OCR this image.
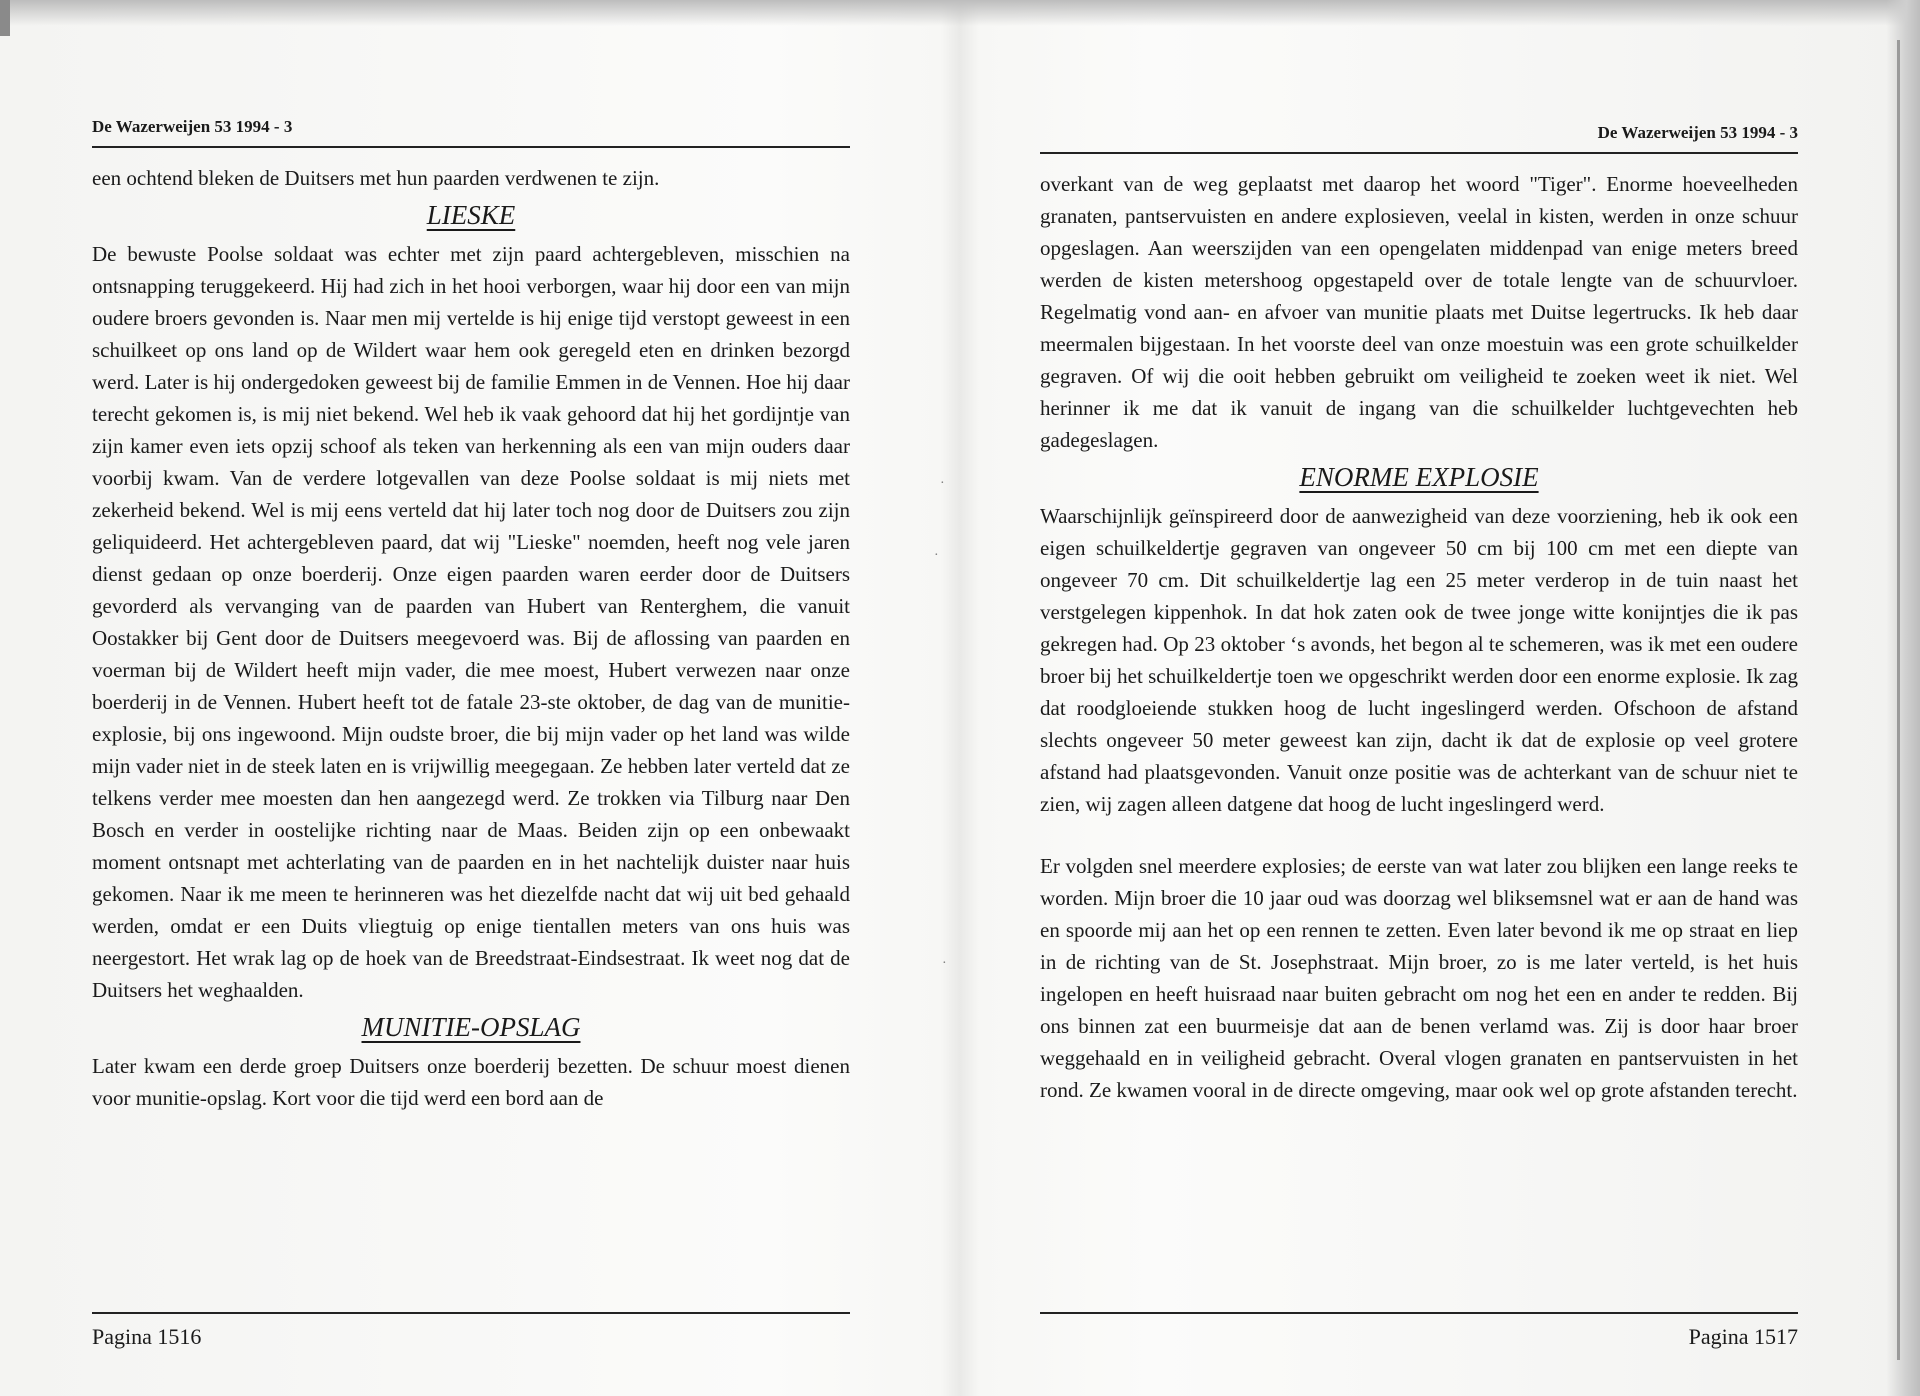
·
·
·
De Wazerweijen 53 1994 - 3

een ochtend bleken de Duitsers met hun paarden verdwenen te zijn.

LIESKE

De bewuste Poolse soldaat was echter met zijn paard achtergebleven, misschien na ontsnapping teruggekeerd. Hij had zich in het hooi verborgen, waar hij door een van mijn oudere broers gevonden is. Naar men mij vertelde is hij enige tijd verstopt geweest in een schuilkeet op ons land op de Wildert waar hem ook geregeld eten en drinken bezorgd werd. Later is hij ondergedoken geweest bij de familie Emmen in de Vennen. Hoe hij daar terecht gekomen is, is mij niet bekend. Wel heb ik vaak gehoord dat hij het gordijntje van zijn kamer even iets opzij schoof als teken van herkenning als een van mijn ouders daar voorbij kwam. Van de verdere lotgevallen van deze Poolse soldaat is mij niets met zekerheid bekend. Wel is mij eens verteld dat hij later toch nog door de Duitsers zou zijn geliquideerd. Het achtergebleven paard, dat wij "Lieske" noemden, heeft nog vele jaren dienst gedaan op onze boerderij. Onze eigen paarden waren eerder door de Duitsers gevorderd als vervanging van de paarden van Hubert van Renterghem, die vanuit Oostakker bij Gent door de Duitsers meegevoerd was. Bij de aflossing van paarden en voerman bij de Wildert heeft mijn vader, die mee moest, Hubert verwezen naar onze boerderij in de Vennen. Hubert heeft tot de fatale 23-ste oktober, de dag van de munitie-explosie, bij ons ingewoond. Mijn oudste broer, die bij mijn vader op het land was wilde mijn vader niet in de steek laten en is vrijwillig meegegaan. Ze hebben later verteld dat ze telkens verder mee moesten dan hen aangezegd werd. Ze trokken via Tilburg naar Den Bosch en verder in oostelijke richting naar de Maas. Beiden zijn op een onbewaakt moment ontsnapt met achterlating van de paarden en in het nachtelijk duister naar huis gekomen. Naar ik me meen te herinneren was het diezelfde nacht dat wij uit bed gehaald werden, omdat er een Duits vliegtuig op enige tientallen meters van ons huis was neergestort. Het wrak lag op de hoek van de Breedstraat-Eindsestraat. Ik weet nog dat de Duitsers het weghaalden.

MUNITIE-OPSLAG

Later kwam een derde groep Duitsers onze boerderij bezetten. De schuur moest dienen voor munitie-opslag. Kort voor die tijd werd een bord aan de

Pagina 1516
De Wazerweijen 53 1994 - 3

overkant van de weg geplaatst met daarop het woord "Tiger". Enorme hoeveelheden granaten, pantservuisten en andere explosieven, veelal in kisten, werden in onze schuur opgeslagen. Aan weerszijden van een opengelaten middenpad van enige meters breed werden de kisten metershoog opgestapeld over de totale lengte van de schuurvloer. Regelmatig vond aan- en afvoer van munitie plaats met Duitse legertrucks. Ik heb daar meermalen bijgestaan. In het voorste deel van onze moestuin was een grote schuilkelder gegraven. Of wij die ooit hebben gebruikt om veiligheid te zoeken weet ik niet. Wel herinner ik me dat ik vanuit de ingang van die schuilkelder luchtgevechten heb gadegeslagen.

ENORME EXPLOSIE

Waarschijnlijk geïnspireerd door de aanwezigheid van deze voorziening, heb ik ook een eigen schuilkeldertje gegraven van ongeveer 50 cm bij 100 cm met een diepte van ongeveer 70 cm. Dit schuilkeldertje lag een 25 meter verderop in de tuin naast het verstgelegen kippenhok. In dat hok zaten ook de twee jonge witte konijntjes die ik pas gekregen had. Op 23 oktober ‘s avonds, het begon al te schemeren, was ik met een oudere broer bij het schuilkeldertje toen we opgeschrikt werden door een enorme explosie. Ik zag dat roodgloeiende stukken hoog de lucht ingeslingerd werden. Ofschoon de afstand slechts ongeveer 50 meter geweest kan zijn, dacht ik dat de explosie op veel grotere afstand had plaatsgevonden. Vanuit onze positie was de achterkant van de schuur niet te zien, wij zagen alleen datgene dat hoog de lucht ingeslingerd werd.

Er volgden snel meerdere explosies; de eerste van wat later zou blijken een lange reeks te worden. Mijn broer die 10 jaar oud was doorzag wel bliksemsnel wat er aan de hand was en spoorde mij aan het op een rennen te zetten. Even later bevond ik me op straat en liep in de richting van de St. Josephstraat. Mijn broer, zo is me later verteld, is het huis ingelopen en heeft huisraad naar buiten gebracht om nog het een en ander te redden. Bij ons binnen zat een buurmeisje dat aan de benen verlamd was. Zij is door haar broer weggehaald en in veiligheid gebracht. Overal vlogen granaten en pantservuisten in het rond. Ze kwamen vooral in de directe omgeving, maar ook wel op grote afstanden terecht.

Pagina 1517
